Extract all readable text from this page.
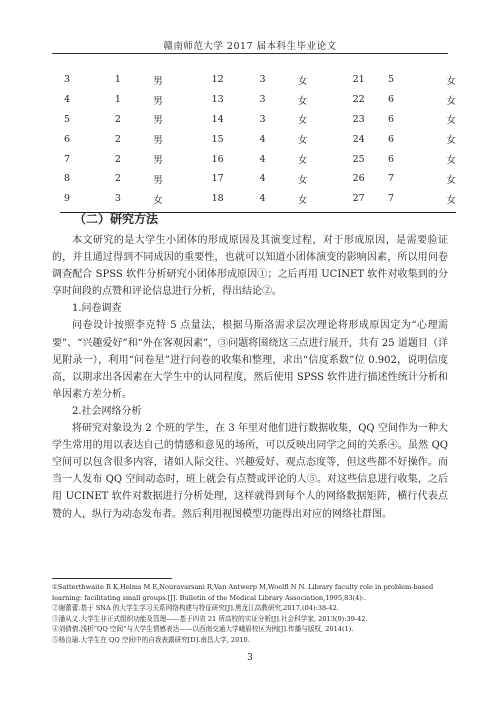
赣南师范大学 2017 届本科生毕业论文
3	1	男	12	3	女	21	5	女
4	1	男	13	3	女	22	6	女
5	2	男	14	3	女	23	6	女
6	2	男	15	4	女	24	6	女
7	2	男	16	4	女	25	6	女
8	2	男	17	4	女	26	7	女
9	3	女	18	4	女	27	7	女
（二）研究方法

本文研究的是大学生小团体的形成原因及其演变过程，对于形成原因，是需要验证的，并且通过得到不同成因的重要性，也就可以知道小团体演变的影响因素，所以用问卷调查配合 SPSS 软件分析研究小团体形成原因①；之后再用 UCINET 软件对收集到的分享时间段的点赞和评论信息进行分析，得出结论②。

1.问卷调查

问卷设计按照李克特 5 点量法，根据马斯洛需求层次理论将形成原因定为“心理需要”、“兴趣爱好”和“外在客观因素”，③问题将围绕这三点进行展开，共有 25 道题目（详见附录一），利用“问卷星”进行问卷的收集和整理，求出“信度系数”位 0.902，说明信度高，以期求出各因素在大学生中的认同程度，然后使用 SPSS 软件进行描述性统计分析和单因素方差分析。

2.社会网络分析

将研究对象设为 2 个班的学生，在 3 年里对他们进行数据收集，QQ 空间作为一种大学生常用的用以表达自己的情感和意见的场所，可以反映出同学之间的关系④。虽然 QQ 空间可以包含很多内容，诸如人际交往、兴趣爱好、观点态度等，但这些都不好操作。而当一人发布 QQ 空间动态时，班上就会有点赞或评论的人⑤。对这些信息进行收集，之后用 UCINET 软件对数据进行分析处理，这样就得到每个人的网络数据矩阵，横行代表点赞的人，纵行为动态发布者。然后利用视图模型功能得出对应的网络社群图。

①Satterthwaite R K,Helms M E,Nouravarsani R,Van Antwerp M,Woelfl N N. Library faculty role in problem-based learning: facilitating small groups.[J]. Bulletin of the Medical Library Association,1995,83(4):.
②谢蕾蕾.基于 SNA 的大学生学习关系网络构建与特征研究[J].黑龙江高教研究,2017,(04):38-42.
③潘从义.大学生非正式组织功能及管理——基于四省 21 所高校的实证分析[J].社会科学家, 2013(9):39-42.
④刘倩倩.浅析“QQ 空间”与大学生情感表达——以西南交通大学峨眉校区为例[J].传播与版权, 2014(1).
⑤杨良瑜.大学生在 QQ 空间中的自我表露研究[D].南昌大学, 2010.
3
